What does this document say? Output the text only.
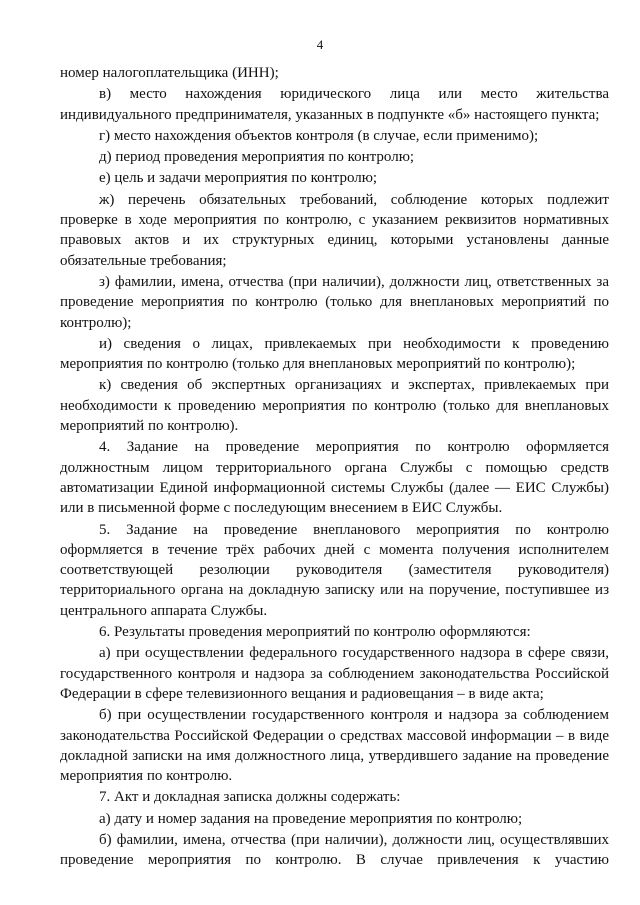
4

номер налогоплательщика (ИНН);

в) место нахождения юридического лица или место жительства индивидуального предпринимателя, указанных в подпункте «б» настоящего пункта;

г) место нахождения объектов контроля (в случае, если применимо);

д) период проведения мероприятия по контролю;

е) цель и задачи мероприятия по контролю;

ж) перечень обязательных требований, соблюдение которых подлежит проверке в ходе мероприятия по контролю, с указанием реквизитов нормативных правовых актов и их структурных единиц, которыми установлены данные обязательные требования;

з) фамилии, имена, отчества (при наличии), должности лиц, ответственных за проведение мероприятия по контролю (только для внеплановых мероприятий по контролю);

и) сведения о лицах, привлекаемых при необходимости к проведению мероприятия по контролю (только для внеплановых мероприятий по контролю);

к) сведения об экспертных организациях и экспертах, привлекаемых при необходимости к проведению мероприятия по контролю (только для внеплановых мероприятий по контролю).

4. Задание на проведение мероприятия по контролю оформляется должностным лицом территориального органа Службы с помощью средств автоматизации Единой информационной системы Службы (далее — ЕИС Службы) или в письменной форме с последующим внесением в ЕИС Службы.

5. Задание на проведение внепланового мероприятия по контролю оформляется в течение трёх рабочих дней с момента получения исполнителем соответствующей резолюции руководителя (заместителя руководителя) территориального органа на докладную записку или на поручение, поступившее из центрального аппарата Службы.

6. Результаты проведения мероприятий по контролю оформляются:

а) при осуществлении федерального государственного надзора в сфере связи, государственного контроля и надзора за соблюдением законодательства Российской Федерации в сфере телевизионного вещания и радиовещания – в виде акта;

б) при осуществлении государственного контроля и надзора за соблюдением законодательства Российской Федерации о средствах массовой информации – в виде докладной записки на имя должностного лица, утвердившего задание на проведение мероприятия по контролю.

7. Акт и докладная записка должны содержать:

а) дату и номер задания на проведение мероприятия по контролю;

б) фамилии, имена, отчества (при наличии), должности лиц, осуществлявших проведение мероприятия по контролю. В случае привлечения к участию
